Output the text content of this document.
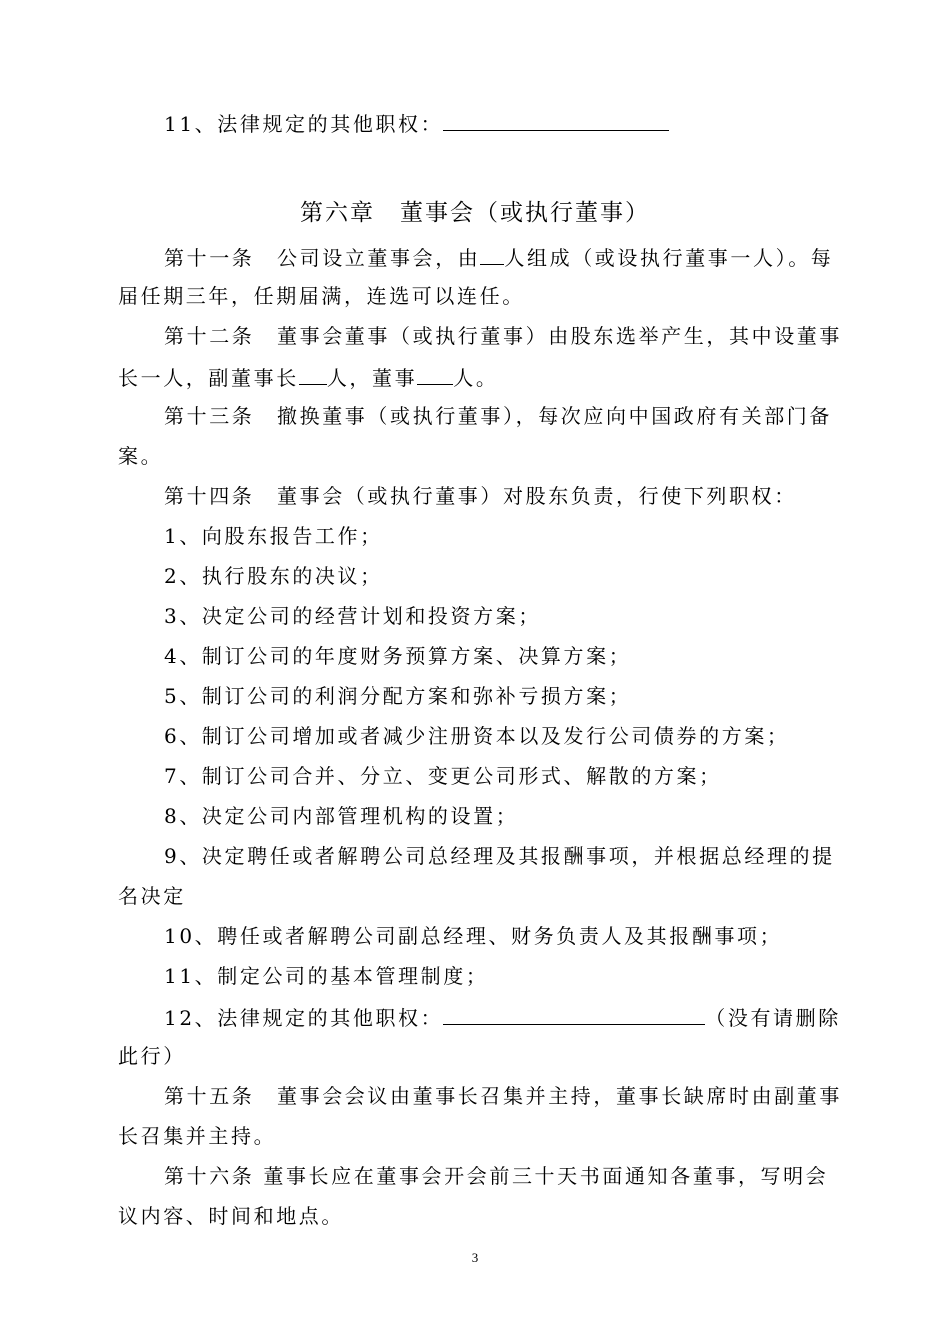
11、法律规定的其他职权：
第六章　董事会（或执行董事）
第十一条　公司设立董事会，由 人组成（或设执行董事一人）。每
届任期三年，任期届满，连选可以连任。
第十二条　董事会董事（或执行董事）由股东选举产生，其中设董事
长一人，副董事长 人，董事 人。
第十三条　撤换董事（或执行董事），每次应向中国政府有关部门备
案。
第十四条　董事会（或执行董事）对股东负责，行使下列职权：
1、向股东报告工作；
2、执行股东的决议；
3、决定公司的经营计划和投资方案；
4、制订公司的年度财务预算方案、决算方案；
5、制订公司的利润分配方案和弥补亏损方案；
6、制订公司增加或者减少注册资本以及发行公司债券的方案；
7、制订公司合并、分立、变更公司形式、解散的方案；
8、决定公司内部管理机构的设置；
9、决定聘任或者解聘公司总经理及其报酬事项，并根据总经理的提
名决定
10、聘任或者解聘公司副总经理、财务负责人及其报酬事项；
11、制定公司的基本管理制度；
12、法律规定的其他职权：	（没有请删除
此行）
第十五条　董事会会议由董事长召集并主持，董事长缺席时由副董事
长召集并主持。
第十六条 董事长应在董事会开会前三十天书面通知各董事，写明会
议内容、时间和地点。
3
